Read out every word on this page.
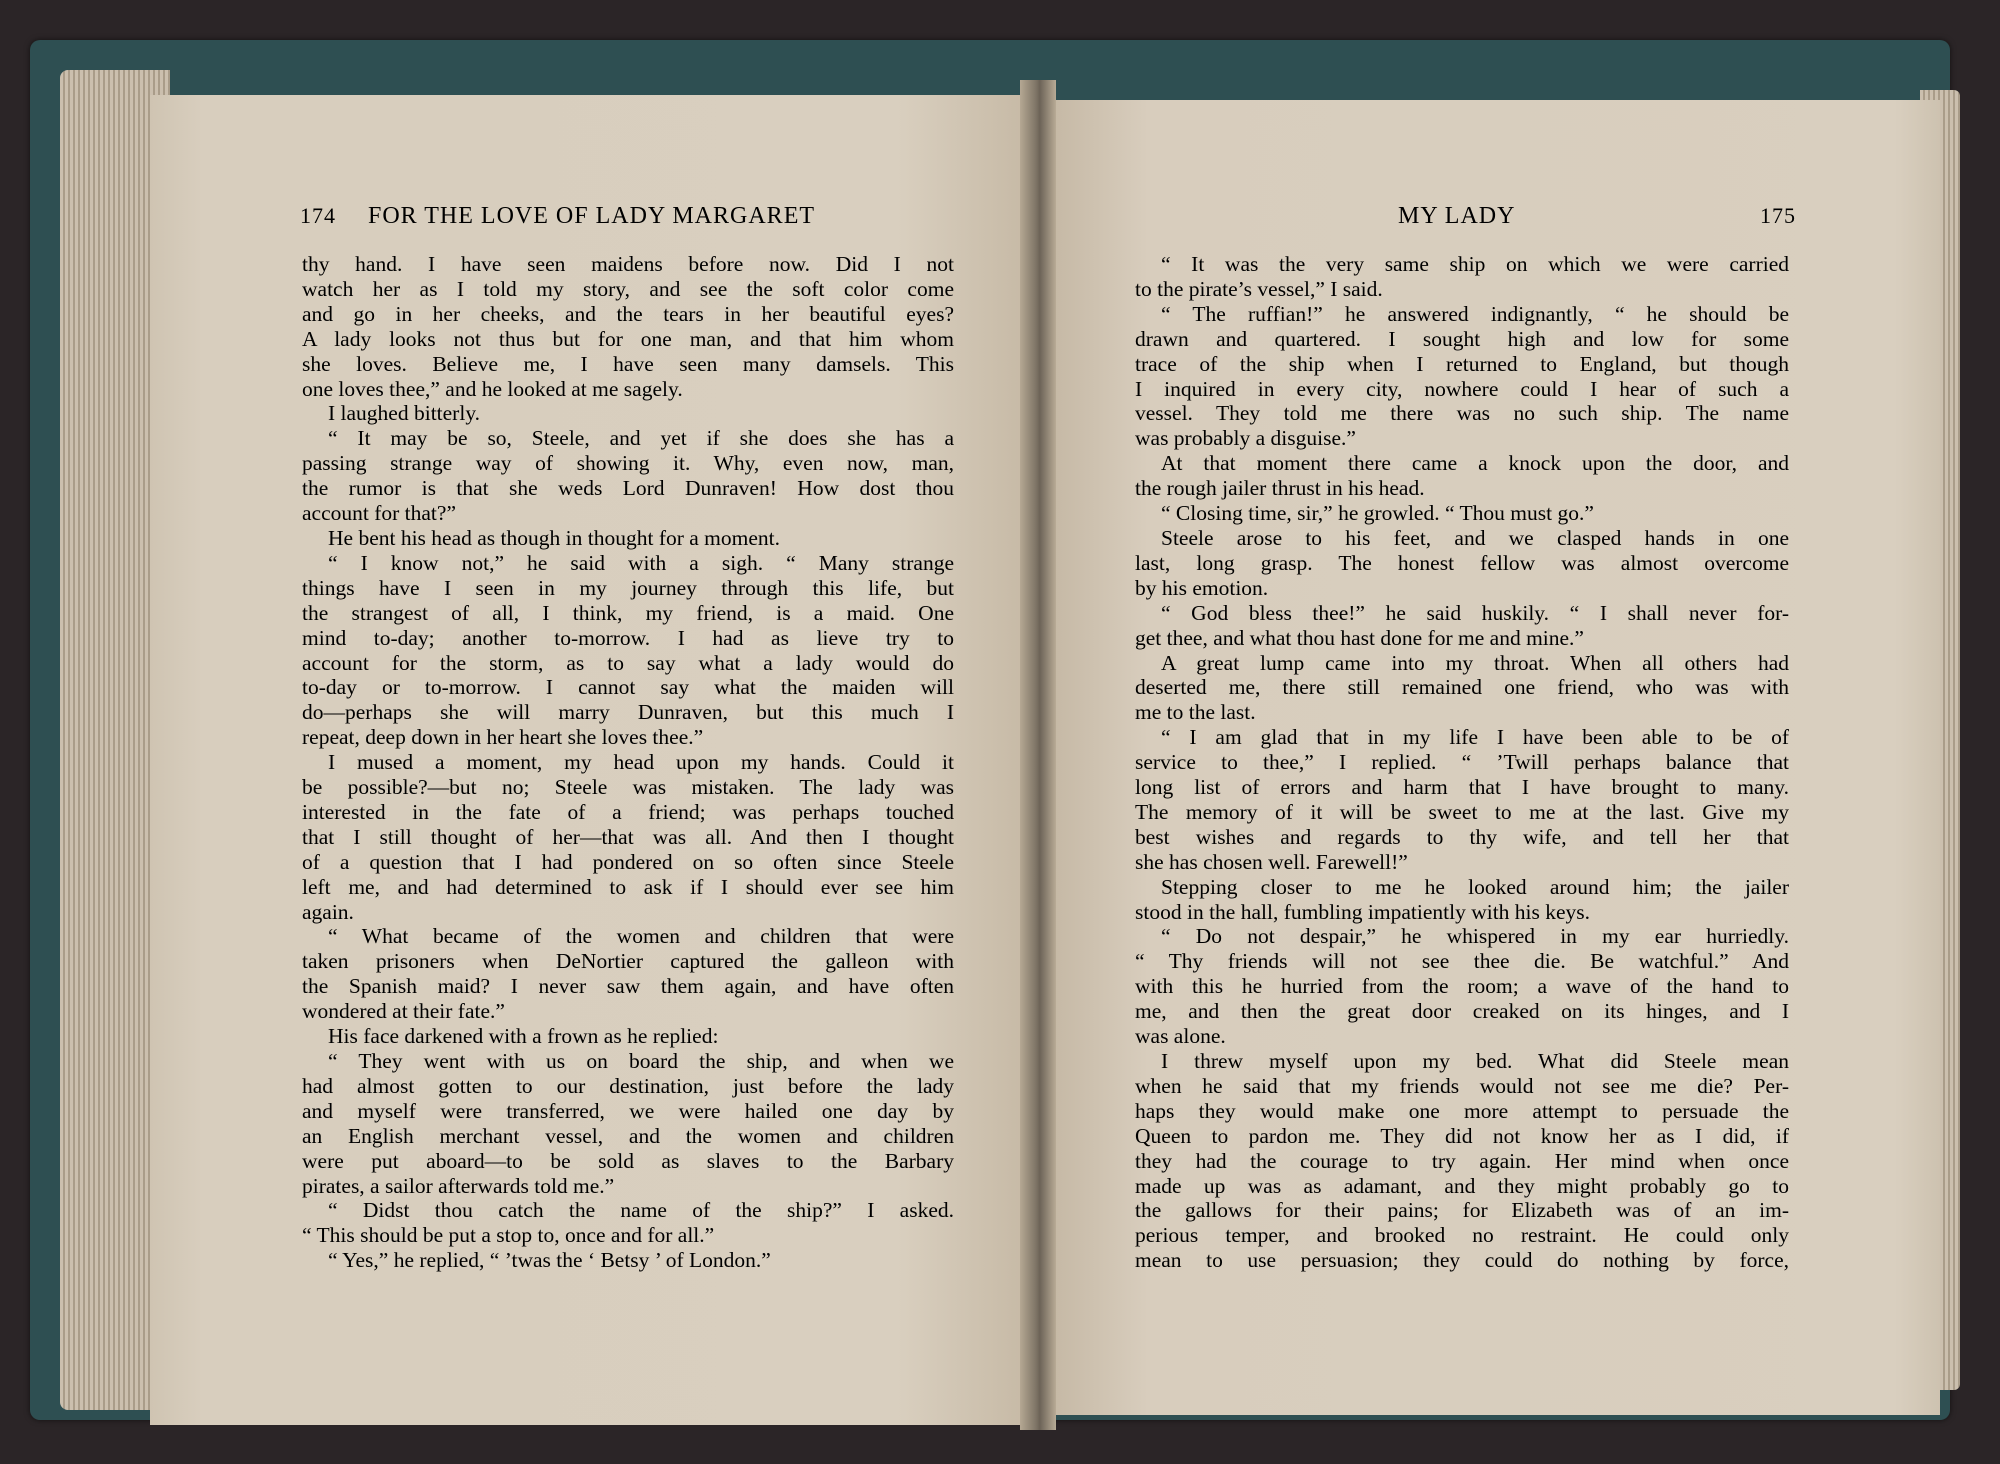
174 FOR THE LOVE OF LADY MARGARET	MY LADY	175
thy hand. I have seen maidens before now. Did I not
watch her as I told my story, and see the soft color come
and go in her cheeks, and the tears in her beautiful eyes?
A lady looks not thus but for one man, and that him whom
she loves. Believe me, I have seen many damsels. This
one loves thee,” and he looked at me sagely.
I laughed bitterly.
“ It may be so, Steele, and yet if she does she has a
passing strange way of showing it. Why, even now, man,
the rumor is that she weds Lord Dunraven! How dost thou
account for that?”
He bent his head as though in thought for a moment.
“ I know not,” he said with a sigh. “ Many strange
things have I seen in my journey through this life, but
the strangest of all, I think, my friend, is a maid. One
mind to-day; another to-morrow. I had as lieve try to
account for the storm, as to say what a lady would do
to-day or to-morrow. I cannot say what the maiden will
do—perhaps she will marry Dunraven, but this much I
repeat, deep down in her heart she loves thee.”
I mused a moment, my head upon my hands. Could it
be possible?—but no; Steele was mistaken. The lady was
interested in the fate of a friend; was perhaps touched
that I still thought of her—that was all. And then I thought
of a question that I had pondered on so often since Steele
left me, and had determined to ask if I should ever see him
again.
“ What became of the women and children that were
taken prisoners when DeNortier captured the galleon with
the Spanish maid? I never saw them again, and have often
wondered at their fate.”
His face darkened with a frown as he replied:
“ They went with us on board the ship, and when we
had almost gotten to our destination, just before the lady
and myself were transferred, we were hailed one day by
an English merchant vessel, and the women and children
were put aboard—to be sold as slaves to the Barbary
pirates, a sailor afterwards told me.”
“ Didst thou catch the name of the ship?” I asked.
“ This should be put a stop to, once and for all.”
“ Yes,” he replied, “ ’twas the ‘ Betsy ’ of London.”
“ It was the very same ship on which we were carried
to the pirate’s vessel,” I said.
“ The ruffian!” he answered indignantly, “ he should be
drawn and quartered. I sought high and low for some
trace of the ship when I returned to England, but though
I inquired in every city, nowhere could I hear of such a
vessel. They told me there was no such ship. The name
was probably a disguise.”
At that moment there came a knock upon the door, and
the rough jailer thrust in his head.
“ Closing time, sir,” he growled. “ Thou must go.”
Steele arose to his feet, and we clasped hands in one
last, long grasp. The honest fellow was almost overcome
by his emotion.
“ God bless thee!” he said huskily. “ I shall never for-
get thee, and what thou hast done for me and mine.”
A great lump came into my throat. When all others had
deserted me, there still remained one friend, who was with
me to the last.
“ I am glad that in my life I have been able to be of
service to thee,” I replied. “ ’Twill perhaps balance that
long list of errors and harm that I have brought to many.
The memory of it will be sweet to me at the last. Give my
best wishes and regards to thy wife, and tell her that
she has chosen well. Farewell!”
Stepping closer to me he looked around him; the jailer
stood in the hall, fumbling impatiently with his keys.
“ Do not despair,” he whispered in my ear hurriedly.
“ Thy friends will not see thee die. Be watchful.” And
with this he hurried from the room; a wave of the hand to
me, and then the great door creaked on its hinges, and I
was alone.
I threw myself upon my bed. What did Steele mean
when he said that my friends would not see me die? Per-
haps they would make one more attempt to persuade the
Queen to pardon me. They did not know her as I did, if
they had the courage to try again. Her mind when once
made up was as adamant, and they might probably go to
the gallows for their pains; for Elizabeth was of an im-
perious temper, and brooked no restraint. He could only
mean to use persuasion; they could do nothing by force,
